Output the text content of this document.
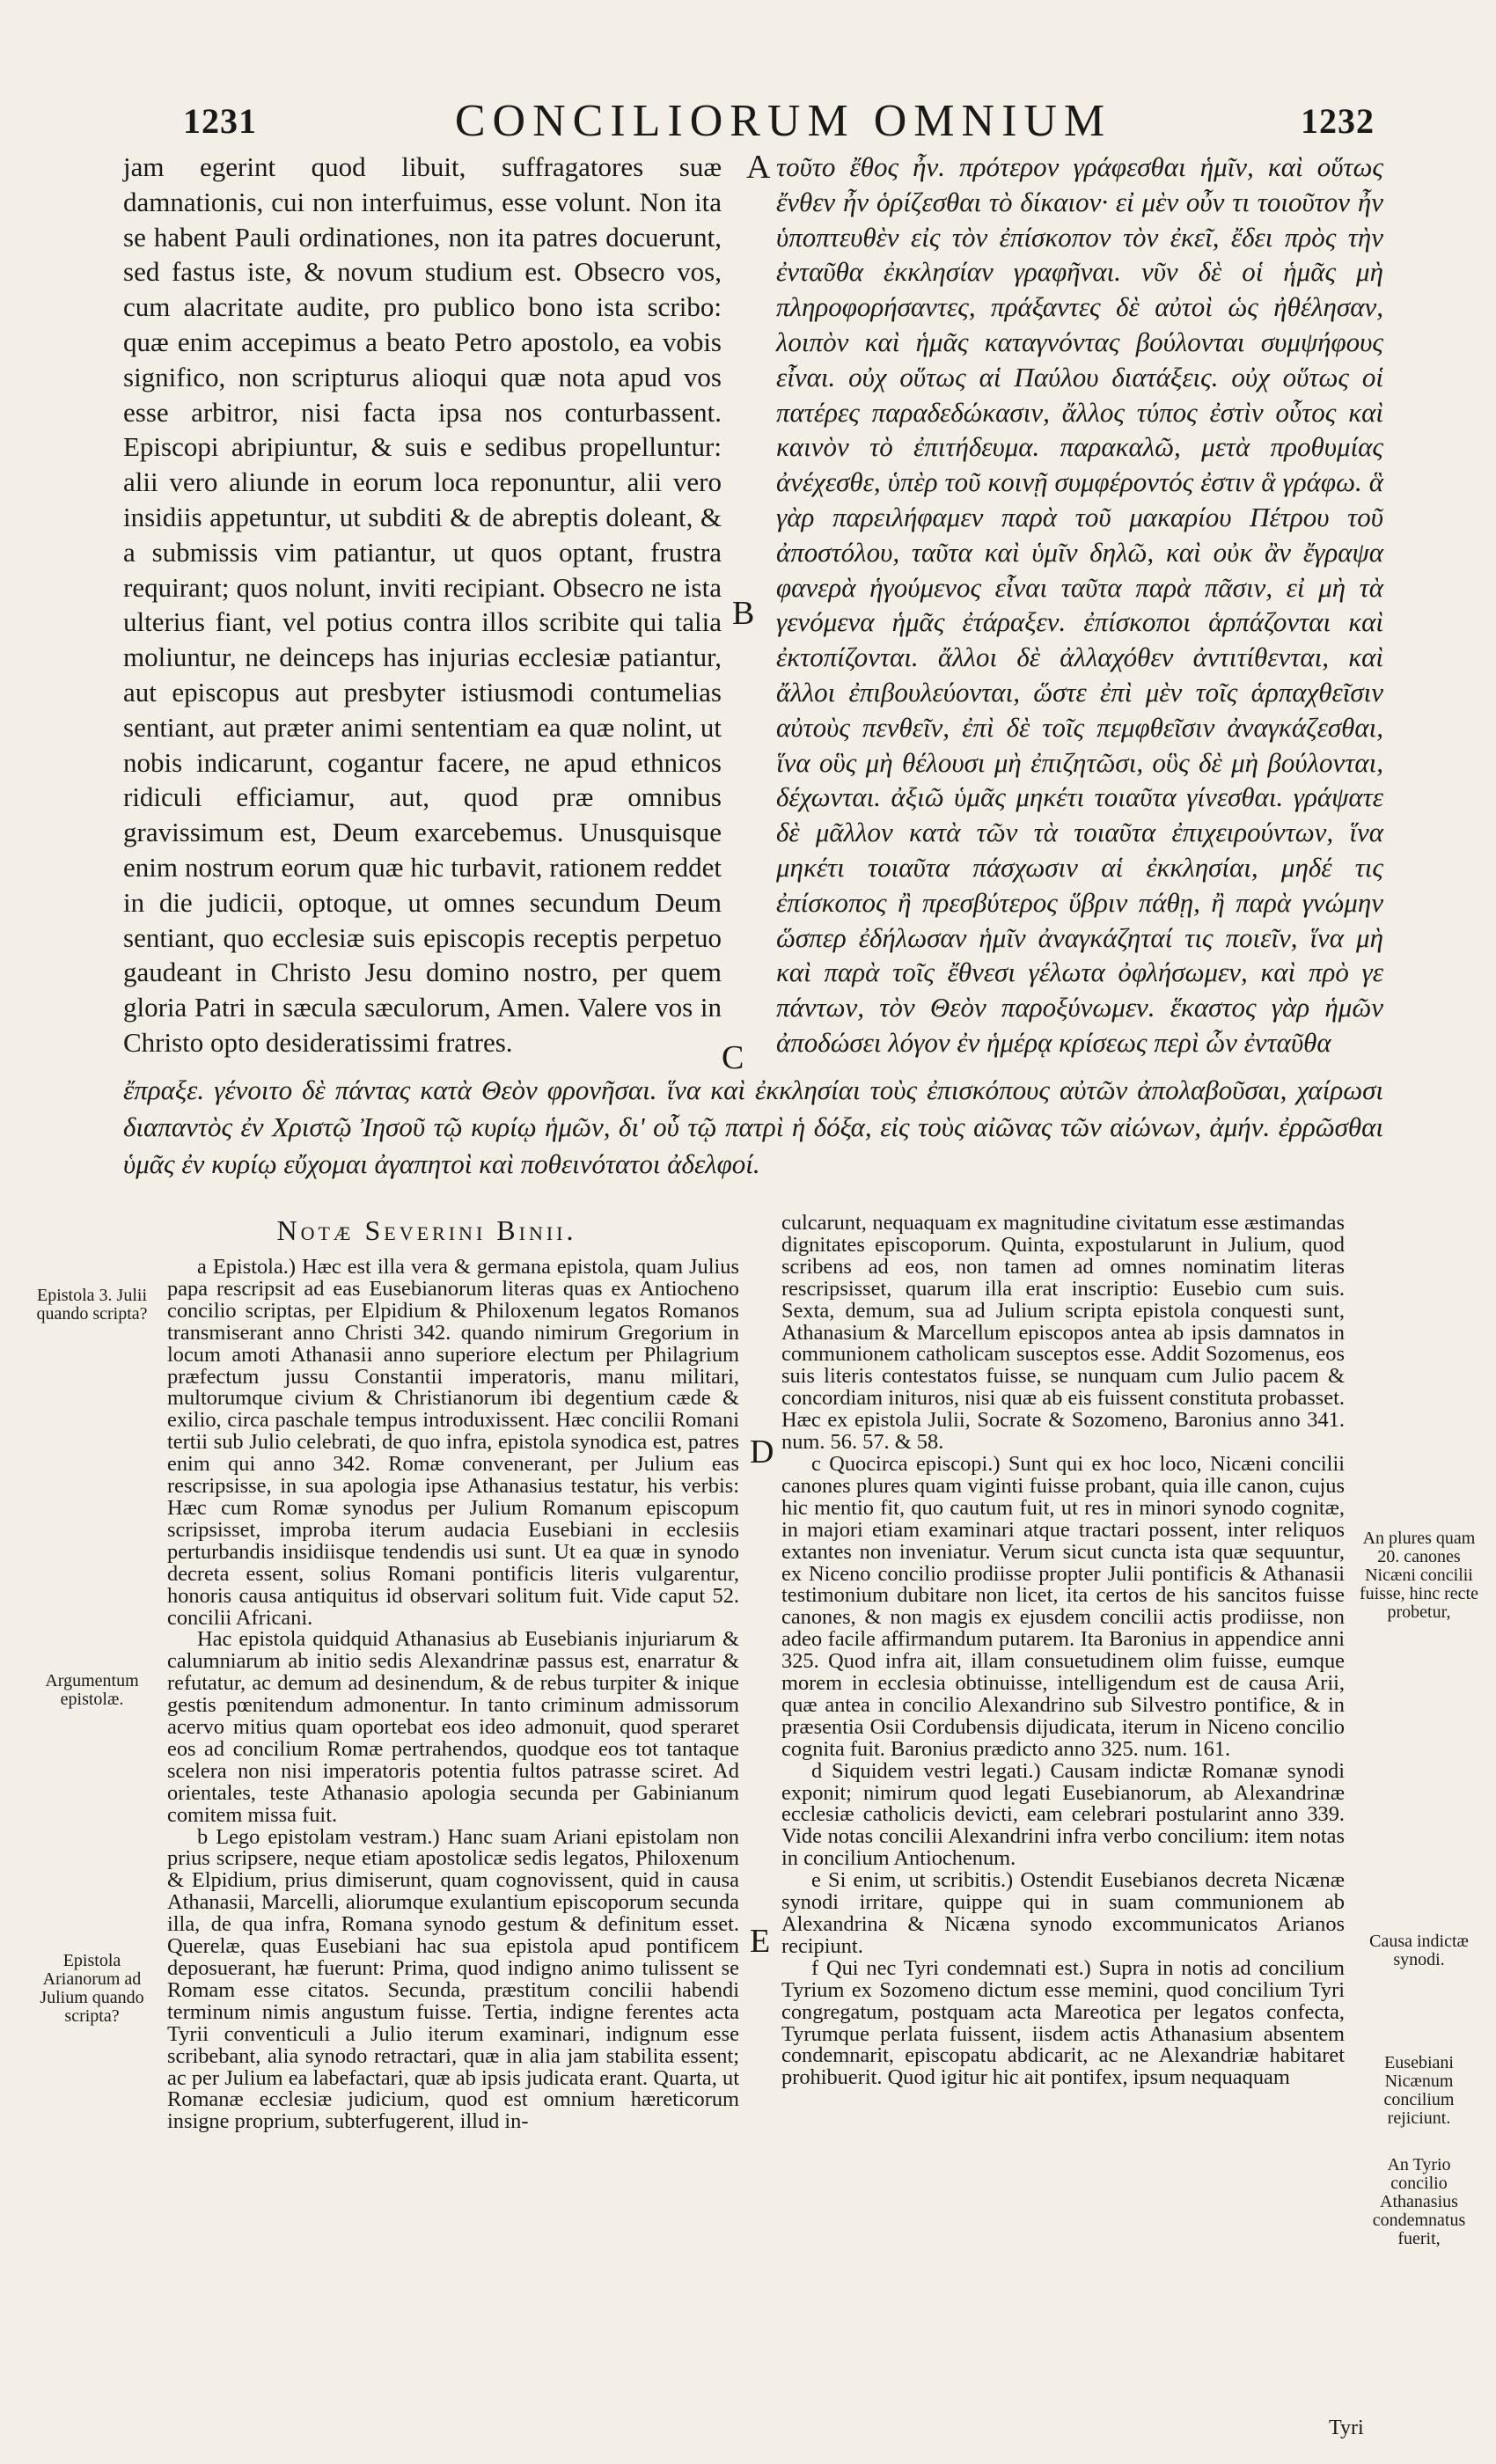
1231	CONCILIORUM OMNIUM	1232
jam egerint quod libuit, suffragatores suæ damnationis, cui non interfuimus, esse volunt. Non ita se habent Pauli ordinationes, non ita patres docuerunt, sed fastus iste, & novum studium est. Obsecro vos, cum alacritate audite, pro publico bono ista scribo: quæ enim accepimus a beato Petro apostolo, ea vobis significo, non scripturus alioqui quæ nota apud vos esse arbitror, nisi facta ipsa nos conturbassent. Episcopi abripiuntur, & suis e sedibus propelluntur: alii vero aliunde in eorum loca reponuntur, alii vero insidiis appetuntur, ut subditi & de abreptis doleant, & a submissis vim patiantur, ut quos optant, frustra requirant; quos nolunt, inviti recipiant. Obsecro ne ista ulterius fiant, vel potius contra illos scribite qui talia moliuntur, ne deinceps has injurias ecclesiæ patiantur, aut episcopus aut presbyter istiusmodi contumelias sentiant, aut præter animi sententiam ea quæ nolint, ut nobis indicarunt, cogantur facere, ne apud ethnicos ridiculi efficiamur, aut, quod præ omnibus gravissimum est, Deum exarcebemus. Unusquisque enim nostrum eorum quæ hic turbavit, rationem reddet in die judicii, optoque, ut omnes secundum Deum sentiant, quo ecclesiæ suis episcopis receptis perpetuo gaudeant in Christo Jesu domino nostro, per quem gloria Patri in sæcula sæculorum, Amen. Valere vos in Christo opto desideratissimi fratres.
τοῦτο ἔθος ἦν. πρότερον γράφεσθαι ἡμῖν, καὶ οὕτως ἔνθεν ἦν ὁρίζεσθαι τὸ δίκαιον· εἰ μὲν οὖν τι τοιοῦτον ἦν ὑποπτευθὲν εἰς τὸν ἐπίσκοπον τὸν ἐκεῖ, ἔδει πρὸς τὴν ἐνταῦθα ἐκκλησίαν γραφῆναι. νῦν δὲ οἱ ἡμᾶς μὴ πληροφορήσαντες, πράξαντες δὲ αὐτοὶ ὡς ἠθέλησαν, λοιπὸν καὶ ἡμᾶς καταγνόντας βούλονται συμψήφους εἶναι. οὐχ οὕτως αἱ Παύλου διατάξεις. οὐχ οὕτως οἱ πατέρες παραδεδώκασιν, ἄλλος τύπος ἐστὶν οὗτος καὶ καινὸν τὸ ἐπιτήδευμα. παρακαλῶ, μετὰ προθυμίας ἀνέχεσθε, ὑπὲρ τοῦ κοινῇ συμφέροντός ἐστιν ἃ γράφω. ἃ γὰρ παρειλήφαμεν παρὰ τοῦ μακαρίου Πέτρου τοῦ ἀποστόλου, ταῦτα καὶ ὑμῖν δηλῶ, καὶ οὐκ ἂν ἔγραψα φανερὰ ἡγούμενος εἶναι ταῦτα παρὰ πᾶσιν, εἰ μὴ τὰ γενόμενα ἡμᾶς ἐτάραξεν. ἐπίσκοποι ἁρπάζονται καὶ ἐκτοπίζονται. ἄλλοι δὲ ἀλλαχόθεν ἀντιτίθενται, καὶ ἄλλοι ἐπιβουλεύονται, ὥστε ἐπὶ μὲν τοῖς ἁρπαχθεῖσιν αὐτοὺς πενθεῖν, ἐπὶ δὲ τοῖς πεμφθεῖσιν ἀναγκάζεσθαι, ἵνα οὓς μὴ θέλουσι μὴ ἐπιζητῶσι, οὓς δὲ μὴ βούλονται, δέχωνται. ἀξιῶ ὑμᾶς μηκέτι τοιαῦτα γίνεσθαι. γράψατε δὲ μᾶλλον κατὰ τῶν τὰ τοιαῦτα ἐπιχειρούντων, ἵνα μηκέτι τοιαῦτα πάσχωσιν αἱ ἐκκλησίαι, μηδέ τις ἐπίσκοπος ἢ πρεσβύτερος ὕβριν πάθῃ, ἢ παρὰ γνώμην ὥσπερ ἐδήλωσαν ἡμῖν ἀναγκάζηταί τις ποιεῖν, ἵνα μὴ καὶ παρὰ τοῖς ἔθνεσι γέλωτα ὀφλήσωμεν, καὶ πρὸ γε πάντων, τὸν Θεὸν παροξύνωμεν. ἕκαστος γὰρ ἡμῶν ἀποδώσει λόγον ἐν ἡμέρᾳ κρίσεως περὶ ὧν ἐνταῦθα
A
B
C
D
E
ἔπραξε. γένοιτο δὲ πάντας κατὰ Θεὸν φρονῆσαι. ἵνα καὶ ἐκκλησίαι τοὺς ἐπισκόπους αὐτῶν ἀπολαβοῦσαι, χαίρωσι διαπαντὸς ἐν Χριστῷ Ἰησοῦ τῷ κυρίῳ ἡμῶν, δι' οὗ τῷ πατρὶ ἡ δόξα, εἰς τοὺς αἰῶνας τῶν αἰώνων, ἀμήν. ἐρρῶσθαι ὑμᾶς ἐν κυρίῳ εὔχομαι ἀγαπητοὶ καὶ ποθεινότατοι ἀδελφοί.
Notæ Severini Binii.

a Epistola.) Hæc est illa vera & germana epistola, quam Julius papa rescripsit ad eas Eusebianorum literas quas ex Antiocheno concilio scriptas, per Elpidium & Philoxenum legatos Romanos transmiserant anno Christi 342. quando nimirum Gregorium in locum amoti Athanasii anno superiore electum per Philagrium præfectum jussu Constantii imperatoris, manu militari, multorumque civium & Christianorum ibi degentium cæde & exilio, circa paschale tempus introduxissent. Hæc concilii Romani tertii sub Julio celebrati, de quo infra, epistola synodica est, patres enim qui anno 342. Romæ convenerant, per Julium eas rescripsisse, in sua apologia ipse Athanasius testatur, his verbis: Hæc cum Romæ synodus per Julium Romanum episcopum scripsisset, improba iterum audacia Eusebiani in ecclesiis perturbandis insidiisque tendendis usi sunt. Ut ea quæ in synodo decreta essent, solius Romani pontificis literis vulgarentur, honoris causa antiquitus id observari solitum fuit. Vide caput 52. concilii Africani.

Hac epistola quidquid Athanasius ab Eusebianis injuriarum & calumniarum ab initio sedis Alexandrinæ passus est, enarratur & refutatur, ac demum ad desinendum, & de rebus turpiter & inique gestis pœnitendum admonentur. In tanto criminum admissorum acervo mitius quam oportebat eos ideo admonuit, quod speraret eos ad concilium Romæ pertrahendos, quodque eos tot tantaque scelera non nisi imperatoris potentia fultos patrasse sciret. Ad orientales, teste Athanasio apologia secunda per Gabinianum comitem missa fuit.

b Lego epistolam vestram.) Hanc suam Ariani epistolam non prius scripsere, neque etiam apostolicæ sedis legatos, Philoxenum & Elpidium, prius dimiserunt, quam cognovissent, quid in causa Athanasii, Marcelli, aliorumque exulantium episcoporum secunda illa, de qua infra, Romana synodo gestum & definitum esset. Querelæ, quas Eusebiani hac sua epistola apud pontificem deposuerant, hæ fuerunt: Prima, quod indigno animo tulissent se Romam esse citatos. Secunda, præstitum concilii habendi terminum nimis angustum fuisse. Tertia, indigne ferentes acta Tyrii conventiculi a Julio iterum examinari, indignum esse scribebant, alia synodo retractari, quæ in alia jam stabilita essent; ac per Julium ea labefactari, quæ ab ipsis judicata erant. Quarta, ut Romanæ ecclesiæ judicium, quod est omnium hæreticorum insigne proprium, subterfugerent, illud in-

culcarunt, nequaquam ex magnitudine civitatum esse æstimandas dignitates episcoporum. Quinta, expostularunt in Julium, quod scribens ad eos, non tamen ad omnes nominatim literas rescripsisset, quarum illa erat inscriptio: Eusebio cum suis. Sexta, demum, sua ad Julium scripta epistola conquesti sunt, Athanasium & Marcellum episcopos antea ab ipsis damnatos in communionem catholicam susceptos esse. Addit Sozomenus, eos suis literis contestatos fuisse, se nunquam cum Julio pacem & concordiam inituros, nisi quæ ab eis fuissent constituta probasset. Hæc ex epistola Julii, Socrate & Sozomeno, Baronius anno 341. num. 56. 57. & 58.

c Quocirca episcopi.) Sunt qui ex hoc loco, Nicæni concilii canones plures quam viginti fuisse probant, quia ille canon, cujus hic mentio fit, quo cautum fuit, ut res in minori synodo cognitæ, in majori etiam examinari atque tractari possent, inter reliquos extantes non inveniatur. Verum sicut cuncta ista quæ sequuntur, ex Niceno concilio prodiisse propter Julii pontificis & Athanasii testimonium dubitare non licet, ita certos de his sancitos fuisse canones, & non magis ex ejusdem concilii actis prodiisse, non adeo facile affirmandum putarem. Ita Baronius in appendice anni 325. Quod infra ait, illam consuetudinem olim fuisse, eumque morem in ecclesia obtinuisse, intelligendum est de causa Arii, quæ antea in concilio Alexandrino sub Silvestro pontifice, & in præsentia Osii Cordubensis dijudicata, iterum in Niceno concilio cognita fuit. Baronius prædicto anno 325. num. 161.

d Siquidem vestri legati.) Causam indictæ Romanæ synodi exponit; nimirum quod legati Eusebianorum, ab Alexandrinæ ecclesiæ catholicis devicti, eam celebrari postularint anno 339. Vide notas concilii Alexandrini infra verbo concilium: item notas in concilium Antiochenum.

e Si enim, ut scribitis.) Ostendit Eusebianos decreta Nicænæ synodi irritare, quippe qui in suam communionem ab Alexandrina & Nicæna synodo excommunicatos Arianos recipiunt.

f Qui nec Tyri condemnati est.) Supra in notis ad concilium Tyrium ex Sozomeno dictum esse memini, quod concilium Tyri congregatum, postquam acta Mareotica per legatos confecta, Tyrumque perlata fuissent, iisdem actis Athanasium absentem condemnarit, episcopatu abdicarit, ac ne Alexandriæ habitaret prohibuerit. Quod igitur hic ait pontifex, ipsum nequaquam

Epistola 3. Julii quando scripta?
Argumentum epistolæ.
Epistola Arianorum ad Julium quando scripta?
An plures quam 20. canones Nicæni concilii fuisse, hinc recte probetur,
Causa indictæ synodi.
Eusebiani Nicænum concilium rejiciunt.
An Tyrio concilio Athanasius condemnatus fuerit,
Tyri
